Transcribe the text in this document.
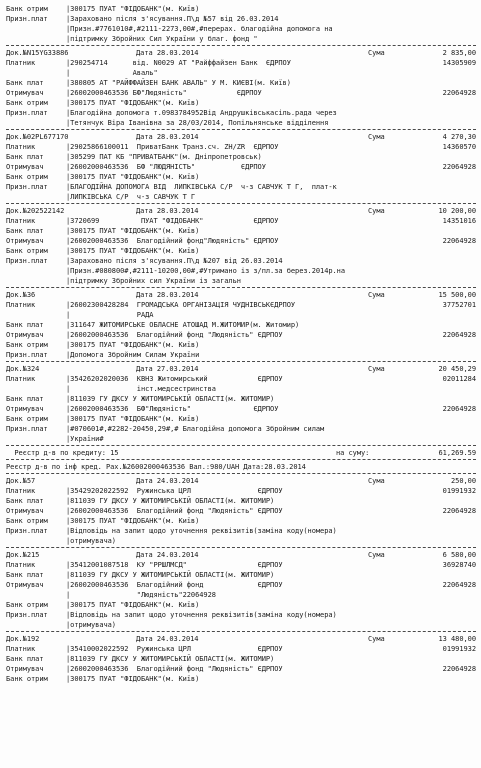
Банк отрим	|300175 ПУАТ "ФІДОБАНК"(м. Київ)
Призн.плат	|Зараховано після з'ясування.П\д №57 від 26.03.2014
|Призн.#7761010#,#2111-2273,00#,#перерах. благодійна допомога на
|підтримку Збройних Сил України у благ. фонд "
Док.№N15YG33886	Дата 28.03.2014	Сума	2 835,00
Платник	|290254714      від. N0029 АТ "Райффайзен Банк  ЄДРПОУ	14305909
|               Аваль"
Банк плат	|380805 АТ "РАЙФФАЙЗЕН БАНК АВАЛЬ" У М. КИЄВІ(м. Київ)
Отримувач	|26002000463536 БФ"Людяність"            ЄДРПОУ	22064928
Банк отрим	|300175 ПУАТ "ФІДОБАНК"(м. Київ)
Призн.плат	|Благодійна допомога т.0983784952Від Андрушківськасіль.рада через
|Тетянчук Віра Іванівна за 28/03/2014, Попільнянське відділення
Док.№02PL677170	Дата 28.03.2014	Сума	4 270,30
Платник	|29025866100011  ПриватБанк Транз.сч. ZH/ZR  ЄДРПОУ	14360570
Банк плат	|305299 ПАТ КБ "ПРИВАТБАНК"(м. Дніпропетровськ)
Отримувач	|26002000463536  БФ "ЛЮДЯНІСТЬ"           ЄДРПОУ	22064928
Банк отрим	|300175 ПУАТ "ФІДОБАНК"(м. Київ)
Призн.плат	|БЛАГОДІЙНА ДОПОМОГА ВІД  ЛИПКІВСЬКА С/Р  ч-з САВЧУК Т Г,  плат-к
|ЛИПКІВСЬКА С/Р  ч-з САВЧУК Т Г
Док.№202522142	Дата 28.03.2014	Сума	10 200,00
Платник	|3720699          ПУАТ "ФІДОБАНК"            ЄДРПОУ	14351016
Банк плат	|300175 ПУАТ "ФІДОБАНК"(м. Київ)
Отримувач	|26002000463536  Благодійний фонд"Людяність" ЄДРПОУ	22064928
Банк отрим	|300175 ПУАТ "ФІДОБАНК"(м. Київ)
Призн.плат	|Зараховано після з'ясування.П\д №207 від 26.03.2014
|Призн.#080800#,#2111-10200,00#,#Утримано із з/пл.за берез.2014р.на
|підтримку Збройних сил України із загальн
Док.№36	Дата 28.03.2014	Сума	15 500,00
Платник	|26002300428284  ГРОМАДСЬКА ОРГАНІЗАЦІЯ ЧУДНІВСЬКЄДРПОУ	37752701
|                РАДА
Банк плат	|311647 ЖИТОМИРСЬКЕ ОБЛАСНЕ АТОШАД М.ЖИТОМИР(м. Житомир)
Отримувач	|26002000463536  Благодійний фонд "Людяність" ЄДРПОУ	22064928
Банк отрим	|300175 ПУАТ "ФІДОБАНК"(м. Київ)
Призн.плат	|Допомога Збройним Силам України
Док.№324	Дата 27.03.2014	Сума	20 450,29
Платник	|35426202020036  КВНЗ Житомирський            ЄДРПОУ	02011284
|                інст.медсестринства
Банк плат	|811039 ГУ ДКСУ У ЖИТОМИРСЬКІЙ ОБЛАСТІ(м. ЖИТОМИР)
Отримувач	|26002000463536  БФ"Людяність"               ЄДРПОУ	22064928
Банк отрим	|300175 ПУАТ "ФІДОБАНК"(м. Київ)
Призн.плат	|#070601#,#2282-20450,29#,# Благодійна допомога Збройним силам
|України#
Реєстр д-в по кредиту: 15	на суму:	61,269.59
Реєстр д-в по інф кред. Рах.№26002000463536 Вал.:980/UAH Дата:28.03.2014
Док.№57	Дата 24.03.2014	Сума	250,00
Платник	|35429202022592  Ружинська ЦРЛ                ЄДРПОУ	01991932
Банк плат	|811039 ГУ ДКСУ У ЖИТОМИРСЬКІЙ ОБЛАСТІ(м. ЖИТОМИР)
Отримувач	|26002000463536  Благодійний фонд "Людяність" ЄДРПОУ	22064928
Банк отрим	|300175 ПУАТ "ФІДОБАНК"(м. Київ)
Призн.плат	|Відповідь на запит щодо уточнення реквізитів(заміна коду(номера)
|отримувача)
Док.№215	Дата 24.03.2014	Сума	6 580,00
Платник	|35412001087518  КУ "РРШЛМСД"                 ЄДРПОУ	36928740
Банк плат	|811039 ГУ ДКСУ У ЖИТОМИРСЬКІЙ ОБЛАСТІ(м. ЖИТОМИР)
Отримувач	|26002000463536  Благодійний фонд             ЄДРПОУ	22064928
|                "Людяність"22064928
Банк отрим	|300175 ПУАТ "ФІДОБАНК"(м. Київ)
Призн.плат	|Відповідь на запит щодо уточнення реквізитів(заміна коду(номера)
|отримувача)
Док.№192	Дата 24.03.2014	Сума	13 480,00
Платник	|35410002022592  Ружинська ЦРЛ                ЄДРПОУ	01991932
Банк плат	|811039 ГУ ДКСУ У ЖИТОМИРСЬКІЙ ОБЛАСТІ(м. ЖИТОМИР)
Отримувач	|26002000463536  Благодійний фонд "Людяність" ЄДРПОУ	22064928
Банк отрим	|300175 ПУАТ "ФІДОБАНК"(м. Київ)
